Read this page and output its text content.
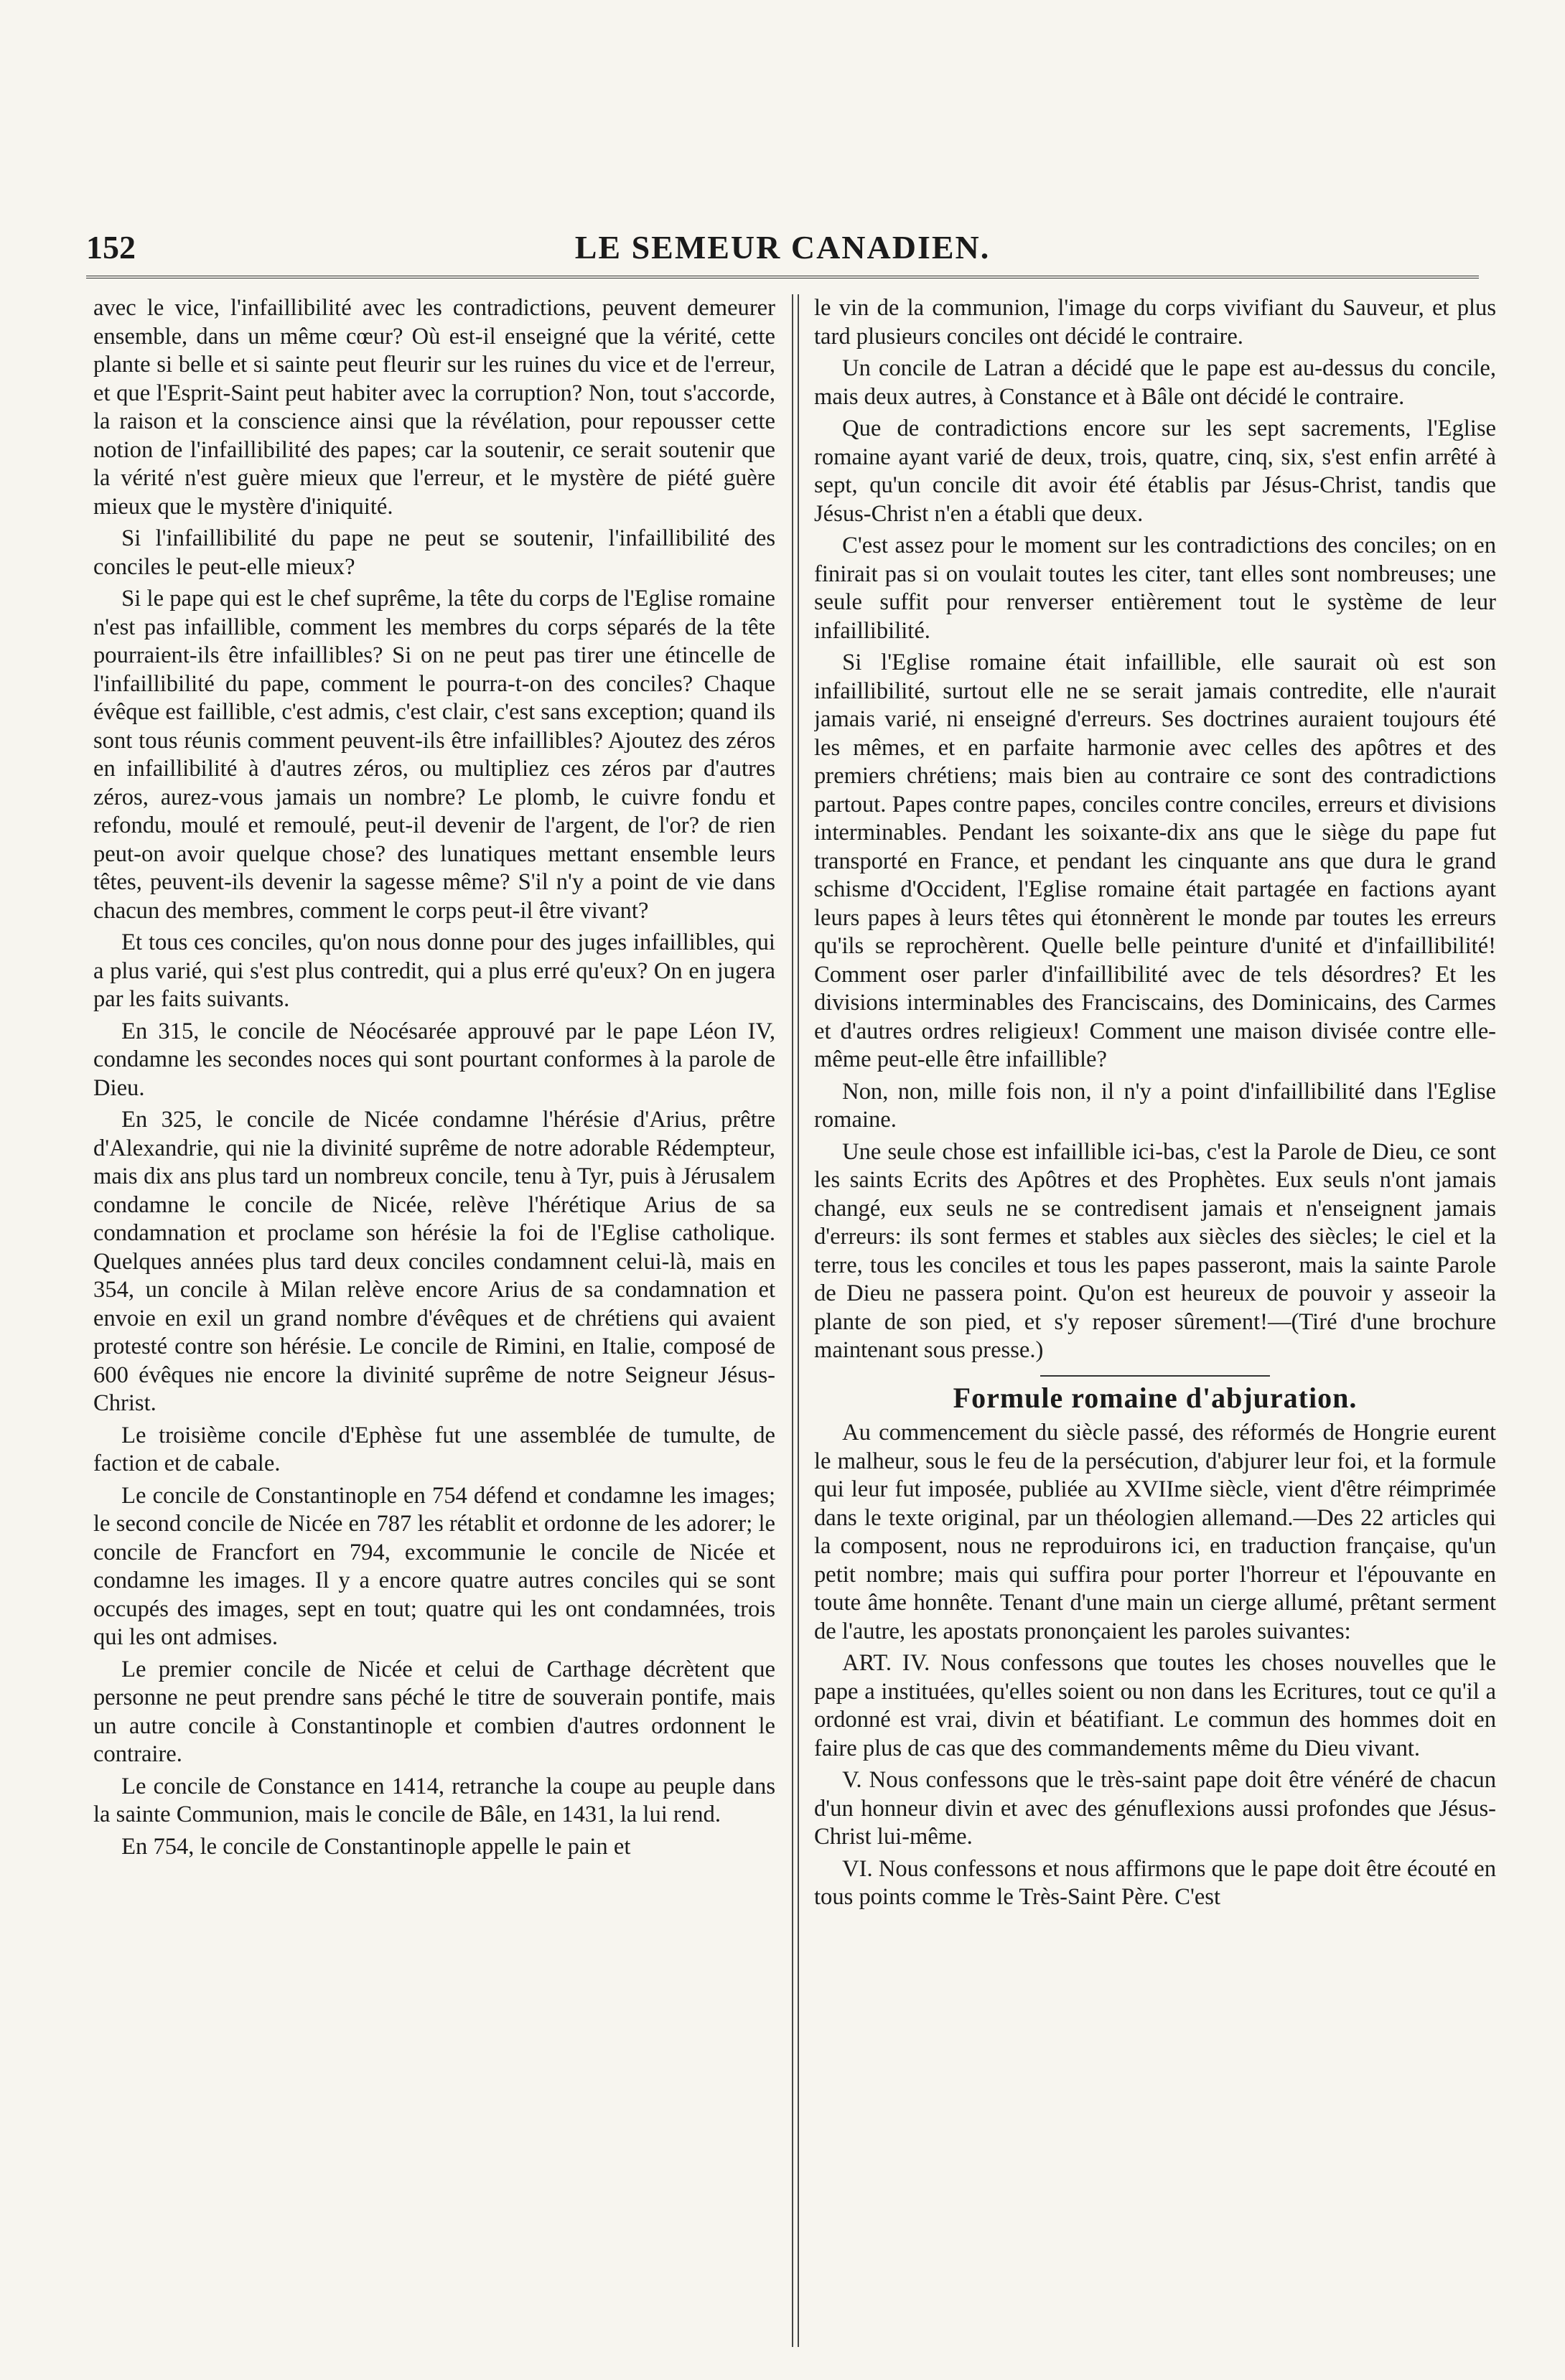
152	LE SEMEUR CANADIEN.

avec le vice, l'infaillibilité avec les contradictions, peuvent demeurer ensemble, dans un même cœur? Où est-il enseigné que la vérité, cette plante si belle et si sainte peut fleurir sur les ruines du vice et de l'erreur, et que l'Esprit-Saint peut habiter avec la corruption? Non, tout s'accorde, la raison et la conscience ainsi que la révélation, pour repousser cette notion de l'infaillibilité des papes; car la soutenir, ce serait soutenir que la vérité n'est guère mieux que l'erreur, et le mystère de piété guère mieux que le mystère d'iniquité.

Si l'infaillibilité du pape ne peut se soutenir, l'infaillibilité des conciles le peut-elle mieux?

Si le pape qui est le chef suprême, la tête du corps de l'Eglise romaine n'est pas infaillible, comment les membres du corps séparés de la tête pourraient-ils être infaillibles? Si on ne peut pas tirer une étincelle de l'infaillibilité du pape, comment le pourra-t-on des conciles? Chaque évêque est faillible, c'est admis, c'est clair, c'est sans exception; quand ils sont tous réunis comment peuvent-ils être infaillibles? Ajoutez des zéros en infaillibilité à d'autres zéros, ou multipliez ces zéros par d'autres zéros, aurez-vous jamais un nombre? Le plomb, le cuivre fondu et refondu, moulé et remoulé, peut-il devenir de l'argent, de l'or? de rien peut-on avoir quelque chose? des lunatiques mettant ensemble leurs têtes, peuvent-ils devenir la sagesse même? S'il n'y a point de vie dans chacun des membres, comment le corps peut-il être vivant?

Et tous ces conciles, qu'on nous donne pour des juges infaillibles, qui a plus varié, qui s'est plus contredit, qui a plus erré qu'eux? On en jugera par les faits suivants.

En 315, le concile de Néocésarée approuvé par le pape Léon IV, condamne les secondes noces qui sont pourtant conformes à la parole de Dieu.

En 325, le concile de Nicée condamne l'hérésie d'Arius, prêtre d'Alexandrie, qui nie la divinité suprême de notre adorable Rédempteur, mais dix ans plus tard un nombreux concile, tenu à Tyr, puis à Jérusalem condamne le concile de Nicée, relève l'hérétique Arius de sa condamnation et proclame son hérésie la foi de l'Eglise catholique. Quelques années plus tard deux conciles condamnent celui-là, mais en 354, un concile à Milan relève encore Arius de sa condamnation et envoie en exil un grand nombre d'évêques et de chrétiens qui avaient protesté contre son hérésie. Le concile de Rimini, en Italie, composé de 600 évêques nie encore la divinité suprême de notre Seigneur Jésus-Christ.

Le troisième concile d'Ephèse fut une assemblée de tumulte, de faction et de cabale.

Le concile de Constantinople en 754 défend et condamne les images; le second concile de Nicée en 787 les rétablit et ordonne de les adorer; le concile de Francfort en 794, excommunie le concile de Nicée et condamne les images. Il y a encore quatre autres conciles qui se sont occupés des images, sept en tout; quatre qui les ont condamnées, trois qui les ont admises.

Le premier concile de Nicée et celui de Carthage décrètent que personne ne peut prendre sans péché le titre de souverain pontife, mais un autre concile à Constantinople et combien d'autres ordonnent le contraire.

Le concile de Constance en 1414, retranche la coupe au peuple dans la sainte Communion, mais le concile de Bâle, en 1431, la lui rend.

En 754, le concile de Constantinople appelle le pain et

le vin de la communion, l'image du corps vivifiant du Sauveur, et plus tard plusieurs conciles ont décidé le contraire.

Un concile de Latran a décidé que le pape est au-dessus du concile, mais deux autres, à Constance et à Bâle ont décidé le contraire.

Que de contradictions encore sur les sept sacrements, l'Eglise romaine ayant varié de deux, trois, quatre, cinq, six, s'est enfin arrêté à sept, qu'un concile dit avoir été établis par Jésus-Christ, tandis que Jésus-Christ n'en a établi que deux.

C'est assez pour le moment sur les contradictions des conciles; on en finirait pas si on voulait toutes les citer, tant elles sont nombreuses; une seule suffit pour renverser entièrement tout le système de leur infaillibilité.

Si l'Eglise romaine était infaillible, elle saurait où est son infaillibilité, surtout elle ne se serait jamais contredite, elle n'aurait jamais varié, ni enseigné d'erreurs. Ses doctrines auraient toujours été les mêmes, et en parfaite harmonie avec celles des apôtres et des premiers chrétiens; mais bien au contraire ce sont des contradictions partout. Papes contre papes, conciles contre conciles, erreurs et divisions interminables. Pendant les soixante-dix ans que le siège du pape fut transporté en France, et pendant les cinquante ans que dura le grand schisme d'Occident, l'Eglise romaine était partagée en factions ayant leurs papes à leurs têtes qui étonnèrent le monde par toutes les erreurs qu'ils se reprochèrent. Quelle belle peinture d'unité et d'infaillibilité! Comment oser parler d'infaillibilité avec de tels désordres? Et les divisions interminables des Franciscains, des Dominicains, des Carmes et d'autres ordres religieux! Comment une maison divisée contre elle-même peut-elle être infaillible?

Non, non, mille fois non, il n'y a point d'infaillibilité dans l'Eglise romaine.

Une seule chose est infaillible ici-bas, c'est la Parole de Dieu, ce sont les saints Ecrits des Apôtres et des Prophètes. Eux seuls n'ont jamais changé, eux seuls ne se contredisent jamais et n'enseignent jamais d'erreurs: ils sont fermes et stables aux siècles des siècles; le ciel et la terre, tous les conciles et tous les papes passeront, mais la sainte Parole de Dieu ne passera point. Qu'on est heureux de pouvoir y asseoir la plante de son pied, et s'y reposer sûrement!—(Tiré d'une brochure maintenant sous presse.)

Formule romaine d'abjuration.

Au commencement du siècle passé, des réformés de Hongrie eurent le malheur, sous le feu de la persécution, d'abjurer leur foi, et la formule qui leur fut imposée, publiée au XVIIme siècle, vient d'être réimprimée dans le texte original, par un théologien allemand.—Des 22 articles qui la composent, nous ne reproduirons ici, en traduction française, qu'un petit nombre; mais qui suffira pour porter l'horreur et l'épouvante en toute âme honnête. Tenant d'une main un cierge allumé, prêtant serment de l'autre, les apostats prononçaient les paroles suivantes:

ART. IV. Nous confessons que toutes les choses nouvelles que le pape a instituées, qu'elles soient ou non dans les Ecritures, tout ce qu'il a ordonné est vrai, divin et béatifiant. Le commun des hommes doit en faire plus de cas que des commandements même du Dieu vivant.

V. Nous confessons que le très-saint pape doit être vénéré de chacun d'un honneur divin et avec des génuflexions aussi profondes que Jésus-Christ lui-même.

VI. Nous confessons et nous affirmons que le pape doit être écouté en tous points comme le Très-Saint Père. C'est
